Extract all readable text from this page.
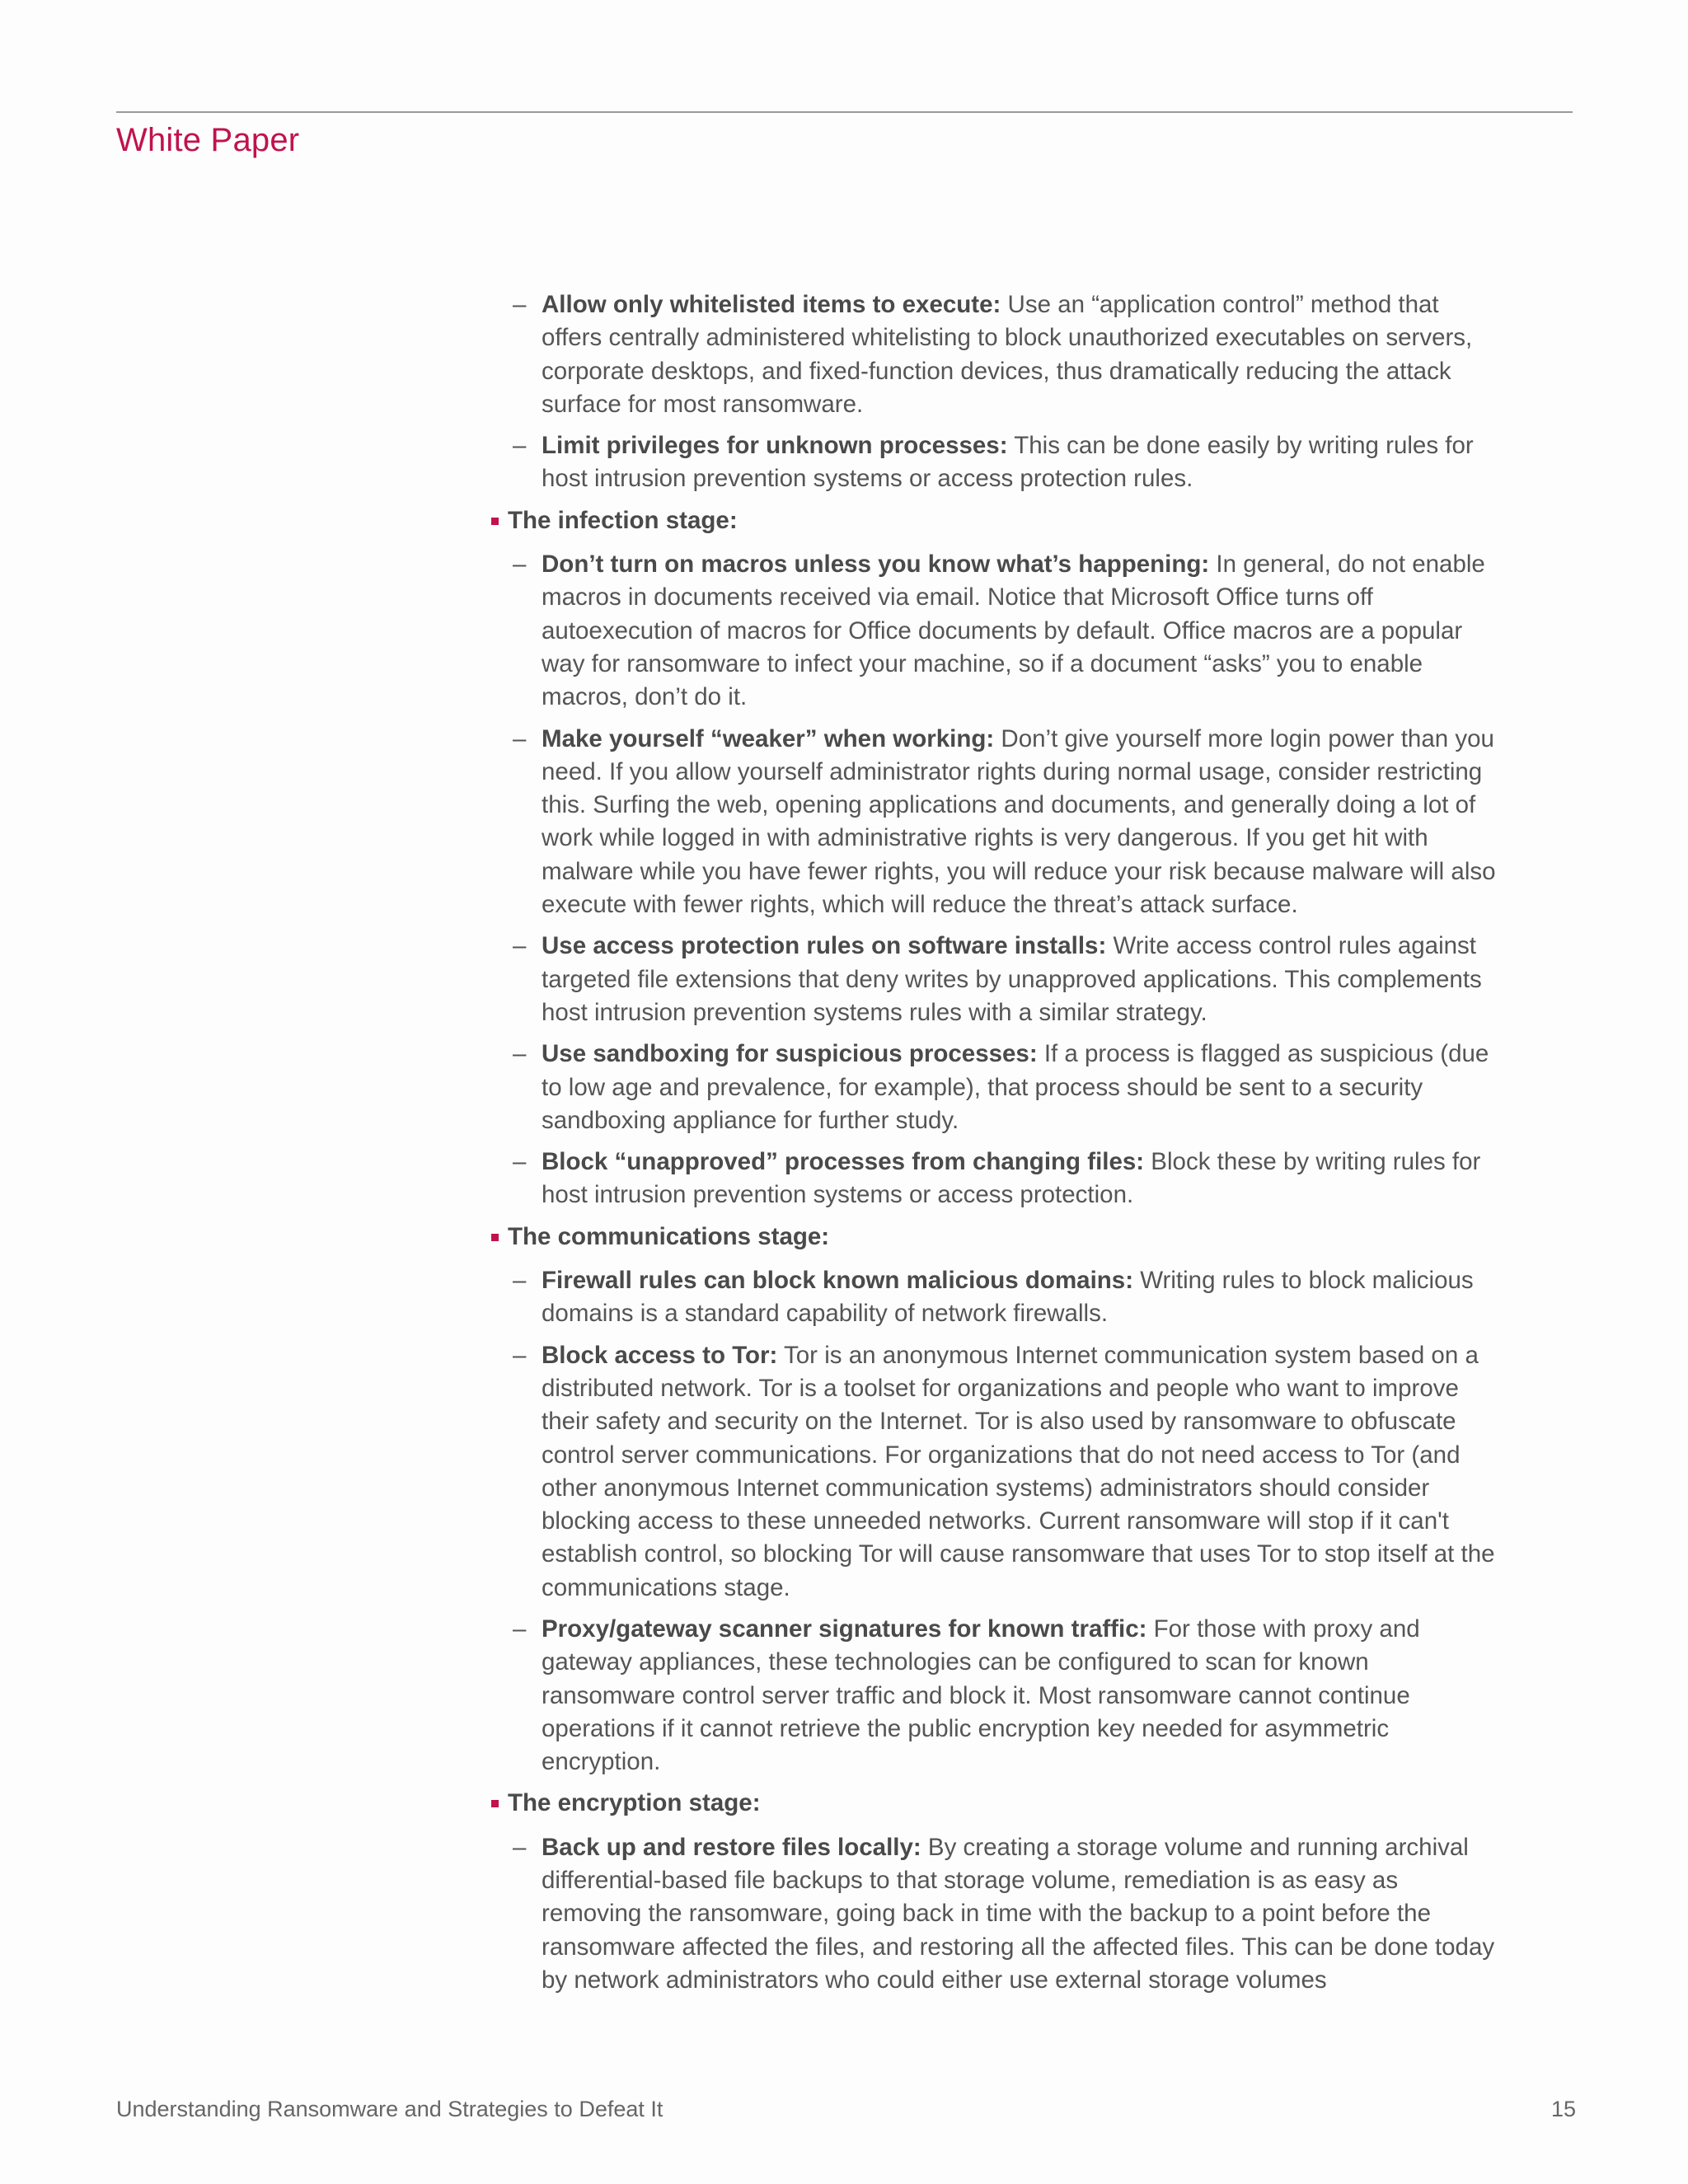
White Paper
– Allow only whitelisted items to execute: Use an “application control” method that offers centrally administered whitelisting to block unauthorized executables on servers, corporate desktops, and fixed-function devices, thus dramatically reducing the attack surface for most ransomware.
– Limit privileges for unknown processes: This can be done easily by writing rules for host intrusion prevention systems or access protection rules.
The infection stage:
– Don’t turn on macros unless you know what’s happening: In general, do not enable macros in documents received via email. Notice that Microsoft Office turns off autoexecution of macros for Office documents by default. Office macros are a popular way for ransomware to infect your machine, so if a document “asks” you to enable macros, don’t do it.
– Make yourself “weaker” when working: Don’t give yourself more login power than you need. If you allow yourself administrator rights during normal usage, consider restricting this. Surfing the web, opening applications and documents, and generally doing a lot of work while logged in with administrative rights is very dangerous. If you get hit with malware while you have fewer rights, you will reduce your risk because malware will also execute with fewer rights, which will reduce the threat’s attack surface.
– Use access protection rules on software installs: Write access control rules against targeted file extensions that deny writes by unapproved applications. This complements host intrusion prevention systems rules with a similar strategy.
– Use sandboxing for suspicious processes: If a process is flagged as suspicious (due to low age and prevalence, for example), that process should be sent to a security sandboxing appliance for further study.
– Block “unapproved” processes from changing files: Block these by writing rules for host intrusion prevention systems or access protection.
The communications stage:
– Firewall rules can block known malicious domains: Writing rules to block malicious domains is a standard capability of network firewalls.
– Block access to Tor: Tor is an anonymous Internet communication system based on a distributed network. Tor is a toolset for organizations and people who want to improve their safety and security on the Internet. Tor is also used by ransomware to obfuscate control server communications. For organizations that do not need access to Tor (and other anonymous Internet communication systems) administrators should consider blocking access to these unneeded networks. Current ransomware will stop if it can't establish control, so blocking Tor will cause ransomware that uses Tor to stop itself at the communications stage.
– Proxy/gateway scanner signatures for known traffic: For those with proxy and gateway appliances, these technologies can be configured to scan for known ransomware control server traffic and block it. Most ransomware cannot continue operations if it cannot retrieve the public encryption key needed for asymmetric encryption.
The encryption stage:
– Back up and restore files locally: By creating a storage volume and running archival differential-based file backups to that storage volume, remediation is as easy as removing the ransomware, going back in time with the backup to a point before the ransomware affected the files, and restoring all the affected files. This can be done today by network administrators who could either use external storage volumes
Understanding Ransomware and Strategies to Defeat It	15
